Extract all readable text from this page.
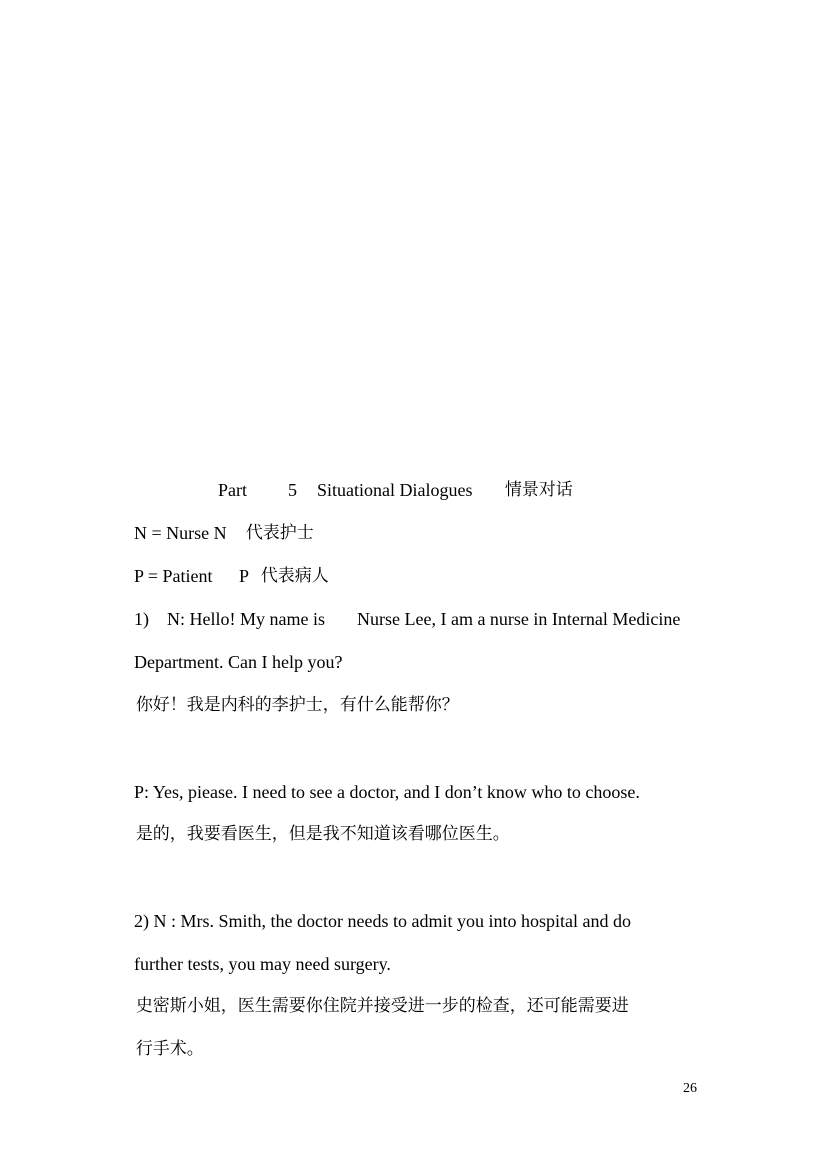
Part	5	Situational Dialogues	情景对话

N = Nurse N	代表护士

P = Patient	P 代表病人

1)    N: Hello! My name is	Nurse Lee, I am a nurse in Internal Medicine

Department. Can I help you?

你好！我是内科的李护士，有什么能帮你？

P: Yes, piease. I need to see a doctor, and I don’t know who to choose.

是的，我要看医生，但是我不知道该看哪位医生。

2) N : Mrs. Smith, the doctor needs to admit you into hospital and do

further tests, you may need surgery.

史密斯小姐，医生需要你住院并接受进一步的检查，还可能需要进

行手术。

26
